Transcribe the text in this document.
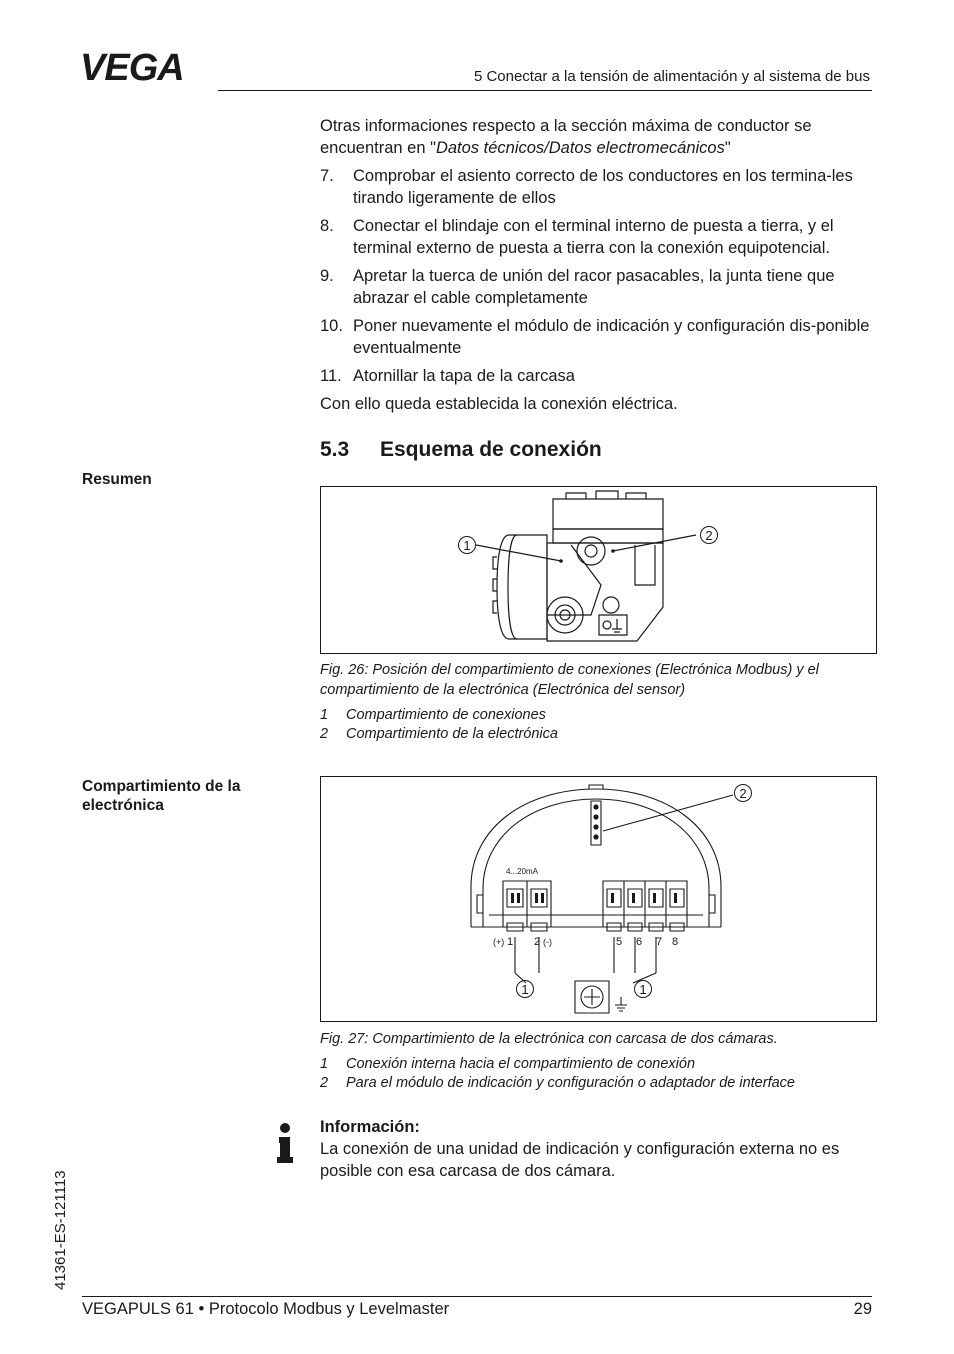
VEGA	5 Conectar a la tensión de alimentación y al sistema de bus
Otras informaciones respecto a la sección máxima de conductor se encuentran en "Datos técnicos/Datos electromecánicos"
7. Comprobar el asiento correcto de los conductores en los termina-les tirando ligeramente de ellos
8. Conectar el blindaje con el terminal interno de puesta a tierra, y el terminal externo de puesta a tierra con la conexión equipotencial.
9. Apretar la tuerca de unión del racor pasacables, la junta tiene que abrazar el cable completamente
10. Poner nuevamente el módulo de indicación y configuración dis-ponible eventualmente
11. Atornillar la tapa de la carcasa
Con ello queda establecida la conexión eléctrica.
5.3 Esquema de conexión
Resumen
Compartimiento de la
electrónica
1
2
Fig. 26: Posición del compartimiento de conexiones (Electrónica Modbus) y el compartimiento de la electrónica (Electrónica del sensor)
1 Compartimiento de conexiones
2 Compartimiento de la electrónica
4...20mA
(+) 1 2 (-)	5 6 7 8
1	1
2
Fig. 27: Compartimiento de la electrónica con carcasa de dos cámaras.
1 Conexión interna hacia el compartimiento de conexión
2 Para el módulo de indicación y configuración o adaptador de interface
Información:
La conexión de una unidad de indicación y configuración externa no es posible con esa carcasa de dos cámara.
41361-ES-121113
VEGAPULS 61 • Protocolo Modbus y Levelmaster	29
